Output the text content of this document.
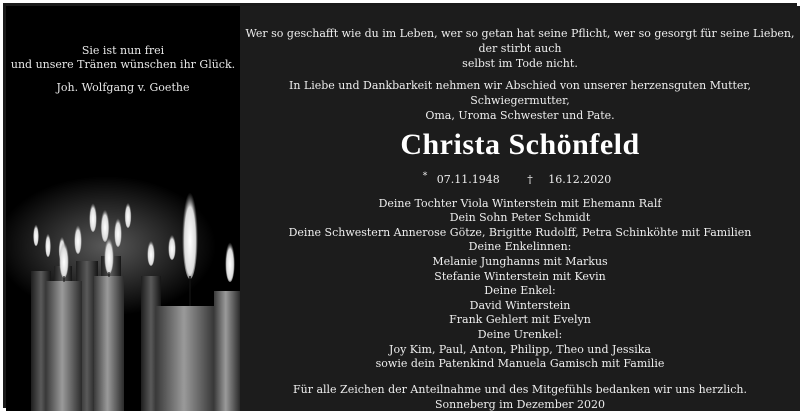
Sie ist nun frei
und unsere Tränen wünschen ihr Glück.
Joh. Wolfgang v. Goethe
Wer so geschafft wie du im Leben, wer so getan hat seine Pflicht, wer so gesorgt für seine Lieben, der stirbt auch
selbst im Tode nicht.
In Liebe und Dankbarkeit nehmen wir Abschied von unserer herzensguten Mutter, Schwiegermutter,
Oma, Uroma Schwester und Pate.
Christa Schönfeld
* 07.11.1948	† 16.12.2020
Deine Tochter Viola Winterstein mit Ehemann Ralf
Dein Sohn Peter Schmidt
Deine Schwestern Annerose Götze, Brigitte Rudolff, Petra Schinköhte mit Familien
Deine Enkelinnen:
Melanie Junghanns mit Markus
Stefanie Winterstein mit Kevin
Deine Enkel:
David Winterstein
Frank Gehlert mit Evelyn
Deine Urenkel:
Joy Kim, Paul, Anton, Philipp, Theo und Jessika
sowie dein Patenkind Manuela Gamisch mit Familie
Für alle Zeichen der Anteilnahme und des Mitgefühls bedanken wir uns herzlich.
Sonneberg im Dezember 2020
